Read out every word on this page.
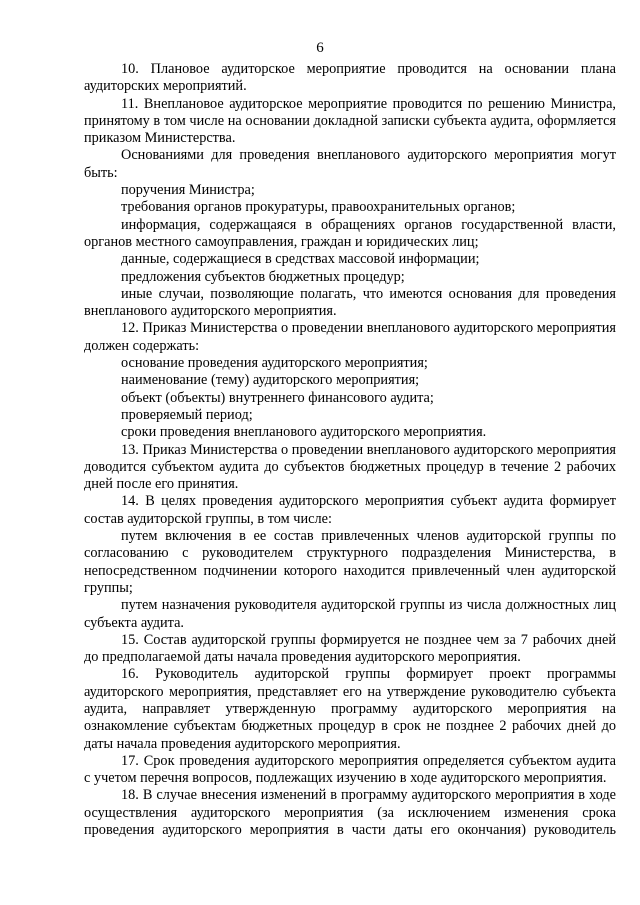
6

10. Плановое аудиторское мероприятие проводится на основании плана аудиторских мероприятий.

11. Внеплановое аудиторское мероприятие проводится по решению Министра, принятому в том числе на основании докладной записки субъекта аудита, оформляется приказом Министерства.

Основаниями для проведения внепланового аудиторского мероприятия могут быть:

поручения Министра;

требования органов прокуратуры, правоохранительных органов;

информация, содержащаяся в обращениях органов государственной власти, органов местного самоуправления, граждан и юридических лиц;

данные, содержащиеся в средствах массовой информации;

предложения субъектов бюджетных процедур;

иные случаи, позволяющие полагать, что имеются основания для проведения внепланового аудиторского мероприятия.

12. Приказ Министерства о проведении внепланового аудиторского мероприятия должен содержать:

основание проведения аудиторского мероприятия;

наименование (тему) аудиторского мероприятия;

объект (объекты) внутреннего финансового аудита;

проверяемый период;

сроки проведения внепланового аудиторского мероприятия.

13. Приказ Министерства о проведении внепланового аудиторского мероприятия доводится субъектом аудита до субъектов бюджетных процедур в течение 2 рабочих дней после его принятия.

14. В целях проведения аудиторского мероприятия субъект аудита формирует состав аудиторской группы, в том числе:

путем включения в ее состав привлеченных членов аудиторской группы по согласованию с руководителем структурного подразделения Министерства, в непосредственном подчинении которого находится привлеченный член аудиторской группы;

путем назначения руководителя аудиторской группы из числа должностных лиц субъекта аудита.

15. Состав аудиторской группы формируется не позднее чем за 7 рабочих дней до предполагаемой даты начала проведения аудиторского мероприятия.

16. Руководитель аудиторской группы формирует проект программы аудиторского мероприятия, представляет его на утверждение руководителю субъекта аудита, направляет утвержденную программу аудиторского мероприятия на ознакомление субъектам бюджетных процедур в срок не позднее 2 рабочих дней до даты начала проведения аудиторского мероприятия.

17. Срок проведения аудиторского мероприятия определяется субъектом аудита с учетом перечня вопросов, подлежащих изучению в ходе аудиторского мероприятия.

18. В случае внесения изменений в программу аудиторского мероприятия в ходе осуществления аудиторского мероприятия (за исключением изменения срока проведения аудиторского мероприятия в части даты его окончания) руководитель
